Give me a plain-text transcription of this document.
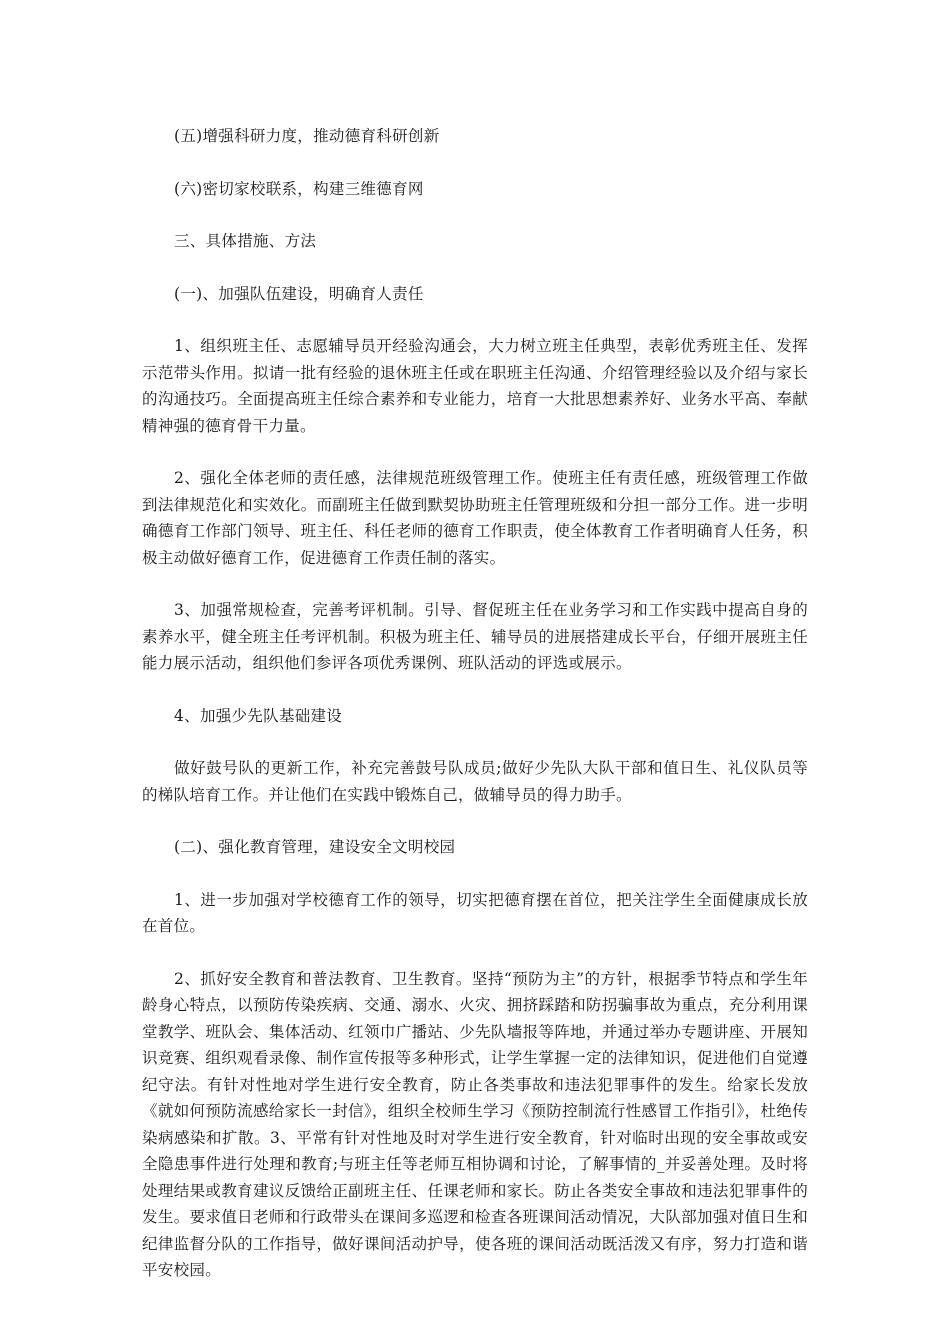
(五)增强科研力度，推动德育科研创新

(六)密切家校联系，构建三维德育网

三、具体措施、方法

(一)、加强队伍建设，明确育人责任

1、组织班主任、志愿辅导员开经验沟通会，大力树立班主任典型，表彰优秀班主任、发挥示范带头作用。拟请一批有经验的退休班主任或在职班主任沟通、介绍管理经验以及介绍与家长的沟通技巧。全面提高班主任综合素养和专业能力，培育一大批思想素养好、业务水平高、奉献精神强的德育骨干力量。

2、强化全体老师的责任感，法律规范班级管理工作。使班主任有责任感，班级管理工作做到法律规范化和实效化。而副班主任做到默契协助班主任管理班级和分担一部分工作。进一步明确德育工作部门领导、班主任、科任老师的德育工作职责，使全体教育工作者明确育人任务，积极主动做好德育工作，促进德育工作责任制的落实。

3、加强常规检查，完善考评机制。引导、督促班主任在业务学习和工作实践中提高自身的素养水平，健全班主任考评机制。积极为班主任、辅导员的进展搭建成长平台，仔细开展班主任能力展示活动，组织他们参评各项优秀课例、班队活动的评选或展示。

4、加强少先队基础建设

做好鼓号队的更新工作，补充完善鼓号队成员;做好少先队大队干部和值日生、礼仪队员等的梯队培育工作。并让他们在实践中锻炼自己，做辅导员的得力助手。

(二)、强化教育管理，建设安全文明校园

1、进一步加强对学校德育工作的领导，切实把德育摆在首位，把关注学生全面健康成长放在首位。

2、抓好安全教育和普法教育、卫生教育。坚持“预防为主”的方针，根据季节特点和学生年龄身心特点，以预防传染疾病、交通、溺水、火灾、拥挤踩踏和防拐骗事故为重点，充分利用课堂教学、班队会、集体活动、红领巾广播站、少先队墙报等阵地，并通过举办专题讲座、开展知识竞赛、组织观看录像、制作宣传报等多种形式，让学生掌握一定的法律知识，促进他们自觉遵纪守法。有针对性地对学生进行安全教育，防止各类事故和违法犯罪事件的发生。给家长发放《就如何预防流感给家长一封信》，组织全校师生学习《预防控制流行性感冒工作指引》，杜绝传染病感染和扩散。3、平常有针对性地及时对学生进行安全教育，针对临时出现的安全事故或安全隐患事件进行处理和教育;与班主任等老师互相协调和讨论，了解事情的_并妥善处理。及时将处理结果或教育建议反馈给正副班主任、任课老师和家长。防止各类安全事故和违法犯罪事件的发生。要求值日老师和行政带头在课间多巡逻和检查各班课间活动情况，大队部加强对值日生和纪律监督分队的工作指导，做好课间活动护导，使各班的课间活动既活泼又有序，努力打造和谐平安校园。
